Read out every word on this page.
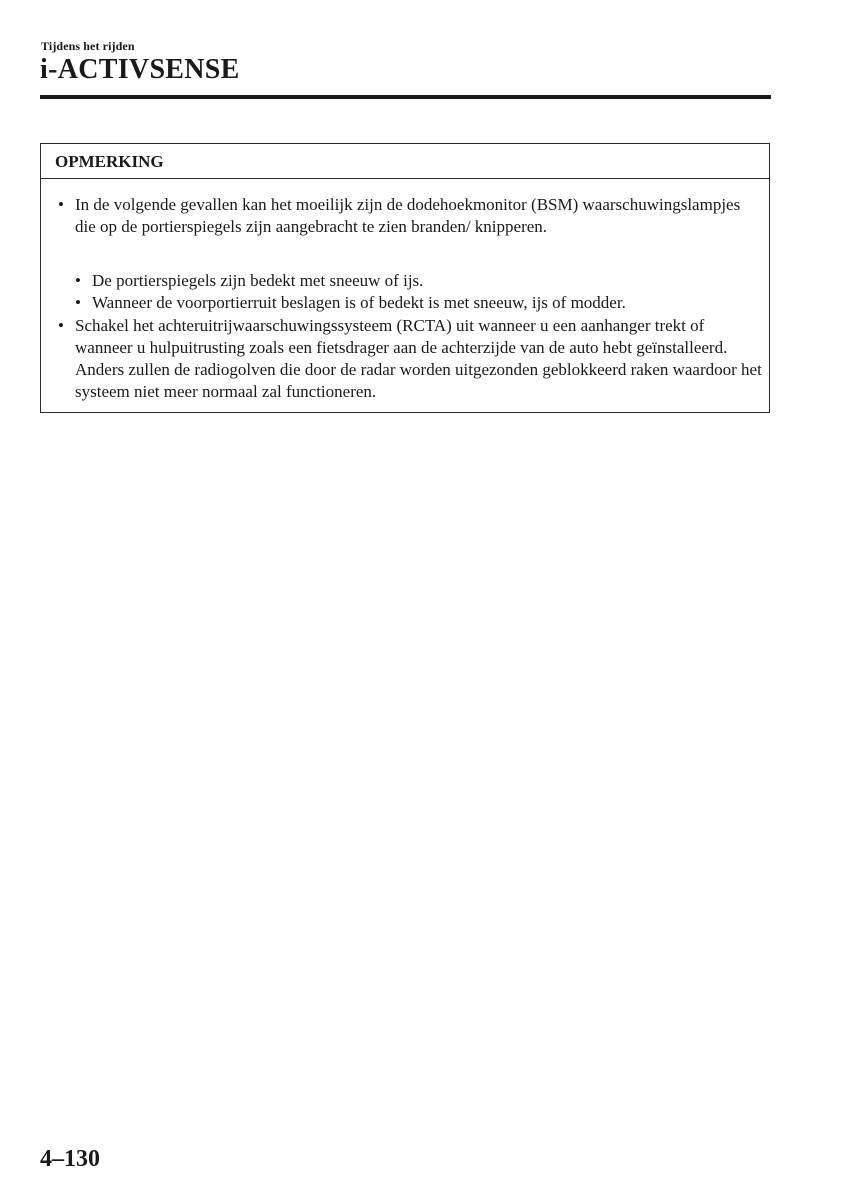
Tijdens het rijden
i-ACTIVSENSE
OPMERKING
• In de volgende gevallen kan het moeilijk zijn de dodehoekmonitor (BSM) waarschuwingslampjes die op de portierspiegels zijn aangebracht te zien branden/ knipperen.
• De portierspiegels zijn bedekt met sneeuw of ijs.
• Wanneer de voorportierruit beslagen is of bedekt is met sneeuw, ijs of modder.
• Schakel het achteruitrijwaarschuwingssysteem (RCTA) uit wanneer u een aanhanger trekt of wanneer u hulpuitrusting zoals een fietsdrager aan de achterzijde van de auto hebt geïnstalleerd. Anders zullen de radiogolven die door de radar worden uitgezonden geblokkeerd raken waardoor het systeem niet meer normaal zal functioneren.
4–130
